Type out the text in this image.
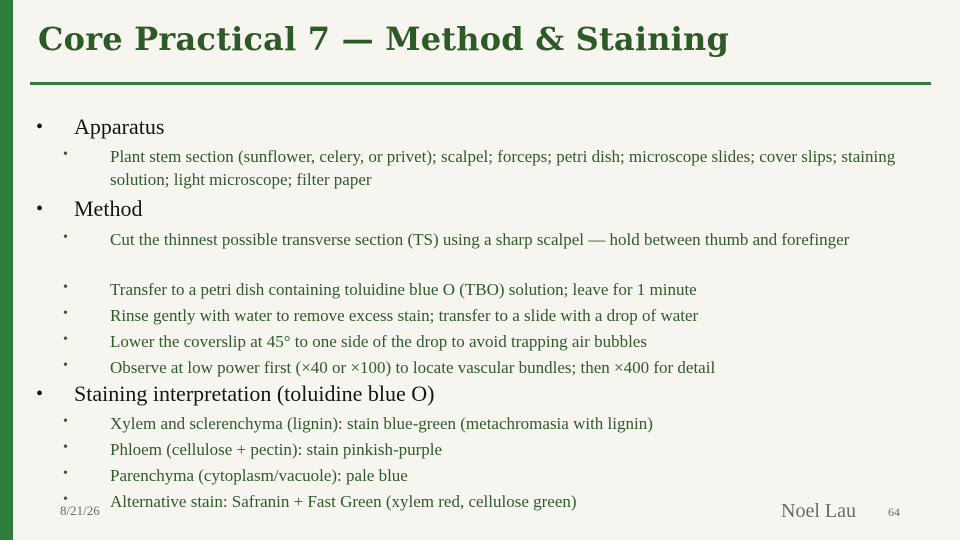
Core Practical 7 — Method & Staining
• Apparatus
• Plant stem section (sunflower, celery, or privet); scalpel; forceps; petri dish; microscope slides; cover slips; staining solution; light microscope; filter paper
• Method
• Cut the thinnest possible transverse section (TS) using a sharp scalpel — hold between thumb and forefinger
• Transfer to a petri dish containing toluidine blue O (TBO) solution; leave for 1 minute
• Rinse gently with water to remove excess stain; transfer to a slide with a drop of water
• Lower the coverslip at 45° to one side of the drop to avoid trapping air bubbles
• Observe at low power first (×40 or ×100) to locate vascular bundles; then ×400 for detail
• Staining interpretation (toluidine blue O)
• Xylem and sclerenchyma (lignin): stain blue-green (metachromasia with lignin)
• Phloem (cellulose + pectin): stain pinkish-purple
• Parenchyma (cytoplasm/vacuole): pale blue
• Alternative stain: Safranin + Fast Green (xylem red, cellulose green)
8/21/26	Noel Lau	64
